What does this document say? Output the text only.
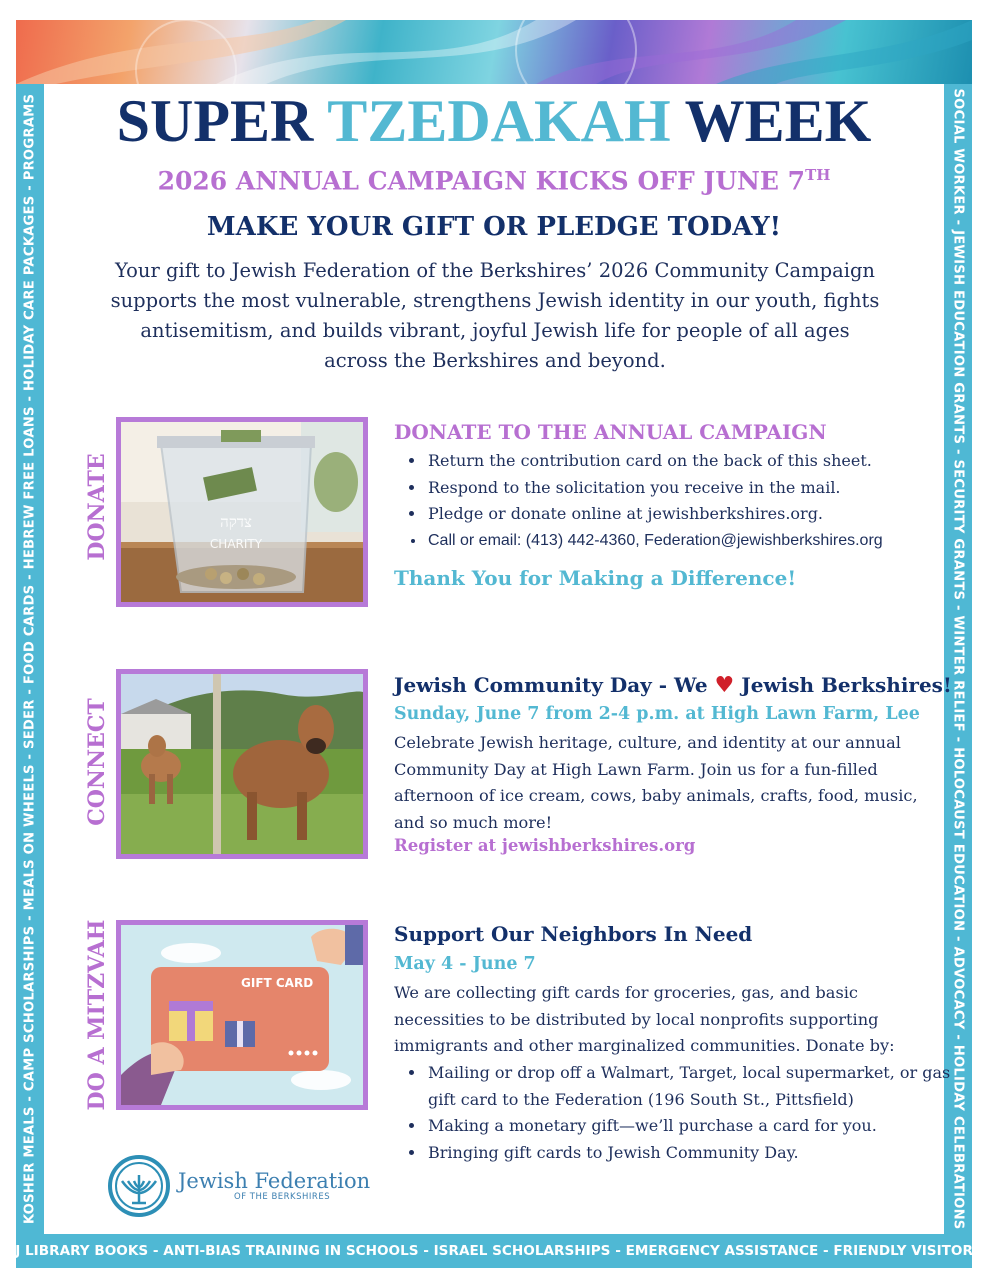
KOSHER MEALS - CAMP SCHOLARSHIPS - MEALS ON WHEELS - SEDER - FOOD CARDS - HEBREW FREE LOANS - HOLIDAY CARE PACKAGES - PROGRAMS	SOCIAL WORKER - JEWISH EDUCATION GRANTS - SECURITY GRANTS - WINTER RELIEF - HOLOCAUST EDUCATION - ADVOCACY - HOLIDAY CELEBRATIONS
PJ LIBRARY BOOKS - ANTI-BIAS TRAINING IN SCHOOLS - ISRAEL SCHOLARSHIPS - EMERGENCY ASSISTANCE - FRIENDLY VISITORS
SUPER TZEDAKAH WEEK
2026 ANNUAL CAMPAIGN KICKS OFF JUNE 7TH
MAKE YOUR GIFT OR PLEDGE TODAY!
Your gift to Jewish Federation of the Berkshires’ 2026 Community Campaign supports the most vulnerable, strengthens Jewish identity in our youth, fights antisemitism, and builds vibrant, joyful Jewish life for people of all ages across the Berkshires and beyond.
DONATE	צדקה
CHARITY
DONATE TO THE ANNUAL CAMPAIGN
• Return the contribution card on the back of this sheet.
• Respond to the solicitation you receive in the mail.
• Pledge or donate online at jewishberkshires.org.
• Call or email: (413) 442-4360, Federation@jewishberkshires.org
Thank You for Making a Difference!
CONNECT
Jewish Community Day - We ♥ Jewish Berkshires!
Sunday, June 7 from 2-4 p.m. at High Lawn Farm, Lee
Celebrate Jewish heritage, culture, and identity at our annual Community Day at High Lawn Farm. Join us for a fun-filled afternoon of ice cream, cows, baby animals, crafts, food, music, and so much more!
Register at jewishberkshires.org
DO A MITZVAH	GIFT CARD
Support Our Neighbors In Need
May 4 - June 7
We are collecting gift cards for groceries, gas, and basic necessities to be distributed by local nonprofits supporting immigrants and other marginalized communities. Donate by:
• Mailing or drop off a Walmart, Target, local supermarket, or gas gift card to the Federation (196 South St., Pittsfield)
• Making a monetary gift—we’ll purchase a card for you.
• Bringing gift cards to Jewish Community Day.
Jewish Federation
OF THE BERKSHIRES
